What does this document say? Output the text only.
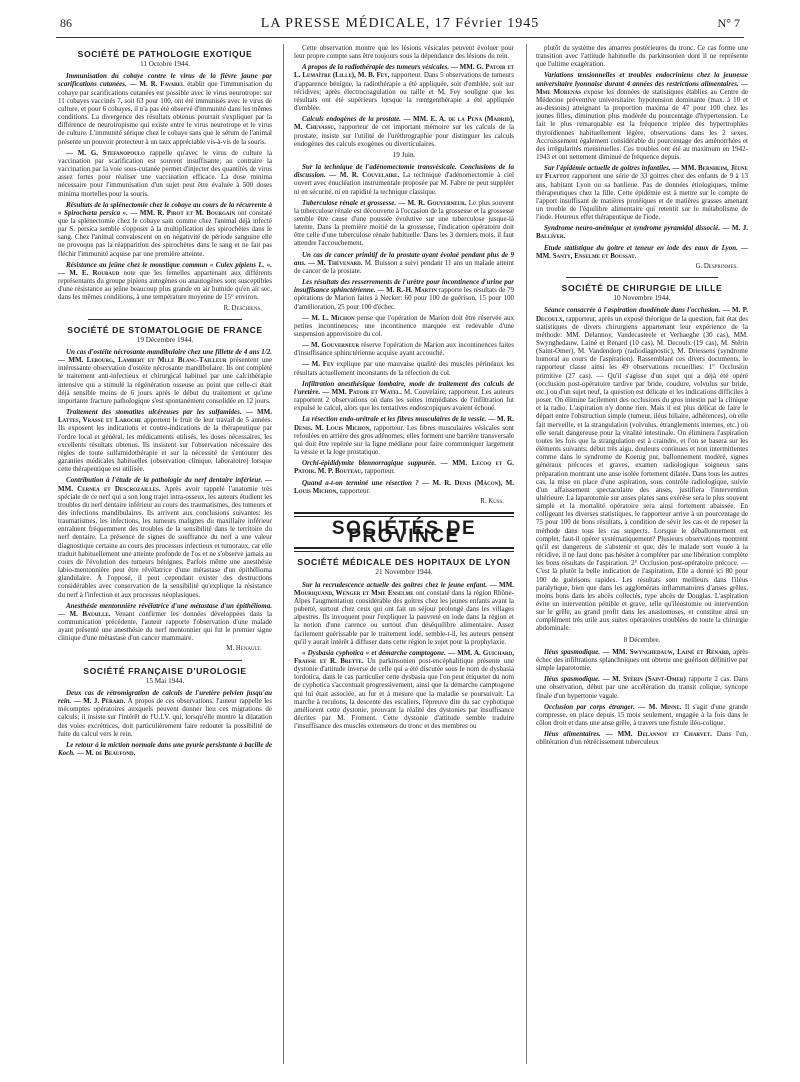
86	LA PRESSE MÉDICALE, 17 Février 1945	N° 7
SOCIÉTÉ DE PATHOLOGIE EXOTIQUE
11 Octobre 1944.

Immunisation du cobaye contre le virus de la fièvre jaune par scarifications cutanées. — M. R. Favarel établit que l'immunisation du cobaye par scarifications cutanées est possible avec le virus neurotrope: sur 11 cobayes vaccinés 7, soit 63 pour 100, ont été immunisés avec le virus de culture, et pour 6 cobayes, il n'a pas été observé d'immunité dans les mêmes conditions. La divergence des résultats obtenus pourrait s'expliquer par la différence de neurotropisme qui existe entre le virus neurotrope et le virus de culture. L'immunité sérique chez le cobaye sans que le sérum de l'animal présente un pouvoir protecteur à un taux appréciable vis-à-vis de la souris.

— M. G. Stefanopoulo rappelle qu'avec le virus de culture la vaccination par scarification est souvent insuffisante; au contraire la vaccination par la voie sous-cutanée permet d'injecter des quantités de virus assez fortes pour réaliser une vaccination efficace. La dose minima nécessaire pour l'immunisation d'un sujet peut être évaluée à 500 doses minima mortelles pour la souris.

Résultats de la splénectomie chez le cobaye au cours de la récurrente à « Spirochæta persica ». — MM. R. Pirot et M. Bourgain ont constaté que la splénectomie chez le cobaye sain comme chez l'animal déjà infecté par S. persica semble s'opposer à la multiplication des spirochètes dans le sang. Chez l'animal convalescent on en négativité de période sanguine elle ne provoque pas la réapparition des spirochètes dans le sang et ne fait pas fléchir l'immunité acquise par une première atteinte.

Résistance au jeûne chez le moustique commun « Culex pipiens L. ». — M. E. Roubaud note que les femelles appartenant aux différents représentants du groupe pipiens autogènes ou anautogènes sont susceptibles d'une résistance au jeûne beaucoup plus grande en air humide qu'en air sec, dans les mêmes conditions, à une température moyenne de 15° environ.

R. Deschiens.
SOCIÉTÉ DE STOMATOLOGIE DE FRANCE
19 Décembre 1944.

Un cas d'ostéite nécrosante mandibulaire chez une fillette de 4 ans 1/2. — MM. Lebourg, Lambert et Mlle Blanc-Tailleur présentent une intéressante observation d'ostéite nécrosante mandibulaire. Ils ont complété le traitement anti-infectieux et chirurgical habituel par une calcithérapie intensive qui a stimulé la régénération osseuse au point que celle-ci était déjà sensible moins de 6 jours après le début du traitement et qu'une importante fracture pathologique s'est spontanément consolidée en 12 jours.

Traitement des stomatites ulcéreuses par les sulfamides. — MM. Lattes, Vrasse et Laroche apportent le fruit de leur travail de 5 années. Ils exposent les indications et contre-indications de la thérapeutique par l'ordre local et général, les médicaments utilisés, les doses nécessaires, les excellents résultats obtenus. Ils insistent sur l'observation nécessaire des règles de toute sulfamidothérapie et sur la nécessité de s'entourer des garanties médicales habituelles (observation clinique, laboratoire) lorsque cette thérapeutique est utilisée.

Contribution à l'étude de la pathologie du nerf dentaire inférieur. — MM. Cernea et Descrozailles. Après avoir rappelé l'anatomie très spéciale de ce nerf qui a son long trajet intra-osseux, les auteurs étudient les troubles du nerf dentaire inférieur au cours des traumatismes, des tumeurs et des infections mandibulaires. Ils arrivent aux conclusions suivantes: les traumatismes, les infections, les tumeurs malignes du maxillaire inférieur entraînent fréquemment des troubles de la sensibilité dans le territoire du nerf dentaire. La présence de signes de souffrance du nerf a une valeur diagnostique certaine au cours des processus infectieux et tumoraux, car elle traduit habituellement une atteinte profonde de l'os et ne s'observe jamais au cours de l'évolution des tumeurs bénignes. Parfois même une anesthésie labio-mentonnière peut être révélatrice d'une métastase d'un épithélioma glandulaire. À l'opposé, il peut cependant exister des destructions considérables avec conservation de la sensibilité qu'explique la résistance du nerf à l'infection et aux processus néoplasiques.

Anesthésie mentonnière révélatrice d'une métastase d'un épithélioma. — M. Bataille. Venant confirmer les données développées dans la communication précédente, l'auteur rapporte l'observation d'une malade ayant présenté une anesthésie du nerf mentonnier qui fut le premier signe clinique d'une métastase d'un cancer mammaire.

M. Henault.
SOCIÉTÉ FRANÇAISE D'UROLOGIE
15 Mai 1944.

Deux cas de rétromigration de calculs de l'uretère pelvien jusqu'au rein. — M. J. Pérard. À propos de ces observations, l'auteur rappelle les mécomptes opératoires auxquels peuvent donner lieu ces migrations de calculs; il insiste sur l'intérêt de l'U.I.V. qui, lorsqu'elle montre la dilatation des voies excrétrices, doit particulièrement faire redouter la possibilité de fuite du calcul vers le rein.

Le retour à la miction normale dans une pyurie persistante à bacille de Koch. — M. de Beaufond.

Cette observation montre que les lésions vésicales peuvent évoluer pour leur propre compte sans être toujours sous la dépendance des lésions du rein.

A propos de la radiothérapie des tumeurs vésicales. — MM. G. Patoir et L. Lemaître (Lille), M. B. Fey, rapporteur. Dans 5 observations de tumeurs d'apparence bénigne, la radiothérapie a été appliquée, soit d'emblée, soit sur récidives; après électrocoagulation ou taille et M. Fey souligne que les résultats ont été supérieurs lorsque la rœntgenthérapie a été appliquée d'emblée.

Calculs endogènes de la prostate. — MM. E. A. de la Pena (Madrid), M. Chevassu, rapporteur de cet important mémoire sur les calculs de la prostate, insiste sur l'utilité de l'uréthrographie pour distinguer les calculs endogènes des calculs exogènes ou diverticulaires.

19 Juin.

Sur la technique de l'adénomectomie transvésicale. Conclusions de la discussion. — M. R. Couvelaire. La technique d'adénomectomie à ciel ouvert avec énucléation instrumentale proposée par M. Fabre ne peut suppléer ni en sécurité, ni en rapidité la technique classique.

Tuberculose rénale et grossesse. — M. R. Gouverneur. Le plus souvent la tuberculose rénale est découverte à l'occasion de la grossesse et la grossesse semble être cause d'une poussée évolutive sur une tuberculose jusque-là latente. Dans la première moitié de la grossesse, l'indication opératoire doit être celle d'une tuberculose rénale habituelle. Dans les 3 derniers mois, il faut attendre l'accouchement.

Un cas de cancer primitif de la prostate ayant évolué pendant plus de 9 ans. — M. Thévenard. M. Buisson a suivi pendant 11 ans un malade atteint de cancer de la prostate.

Les résultats des resserrements de l'urètre pour incontinence d'urine par insuffisance sphinctérienne. — M. R.-H. Martin rapporte les résultats de 79 opérations de Marion faites à Necker: 60 pour 100 de guérison, 15 pour 100 d'amélioration, 25 pour 100 d'échec.

— M. L. Michon pense que l'opération de Marion doit être réservée aux petites incontinences; une incontinence marquée est redevable d'une suspension approvisoire du col.

— M. Gouverneur réserve l'opération de Marion aux incontinences faites d'insuffisance sphinctérienne acquise ayant accouché.

— M. Fey explique par une mauvaise qualité des muscles périnéaux les résultats actuellement inconstants de la réfection du col.

Infiltration anesthésique lombaire, mode de traitement des calculs de l'uretère. — MM. Patoir et Watel. M. Couvelaire, rapporteur. Les auteurs rapportent 2 observations où dans les suites immédiates de l'infiltration fut expulsé le calcul, alors que les tentatives endoscopiques avaient échoué.

La résection endo-urétrale et les fibres musculaires de la vessie. — M. R. Denis. M. Louis Michon, rapporteur. Les fibres musculaires vésicales sont refoulées en arrière des gros adénomes; elles forment une barrière transversale qui doit être repérée sur la ligne médiane pour faire communiquer largement la vessie et la loge prostatique.

Orchi-épididymite blennorragique suppurée. — MM. Lecoq et G. Patoir. M. P. Bouteau, rapporteur.

Quand a-t-on terminé une résection ? — M. R. Denis (Mâcon), M. Louis Michon, rapporteur.

R. Küss.
SOCIÉTÉS DE PROVINCE
SOCIÉTÉ MÉDICALE DES HOPITAUX DE LYON
21 Novembre 1944.

Sur la recrudescence actuelle des goitres chez le jeune enfant. — MM. Mouriquand, Wenger et Mme Enselme ont constaté dans la région Rhône-Alpes l'augmentation considérable des goitres chez les jeunes enfants avant la puberté, surtout chez ceux qui ont fait un séjour prolongé dans les villages alpestres. Ils invoquent pour l'expliquer la pauvreté en iode dans la région et la notion d'une carence ou surtout d'un déséquilibre alimentaire. Assez facilement guérissable par le traitement iodé, semble-t-il, les auteurs pensent qu'il y aurait intérêt à diffuser dans cette région le sujet pour la prophylaxie.

« Dysbasia cyphotica » et démarche camptogone. — MM. A. Guichard, Fraisse et R. Brette. Un parkinsonien post-encéphalitique présente une dystonie d'attitude inverse de celle qui a été discutée sous le nom de dysbasia lordotica, dans le cas particulier cette dysbasia que l'on peut étiqueter du nom de cyphotica s'accentuait progressivement, ainsi que la démarche camptogone qui lui était associée, au fur et à mesure que la maladie se poursuivait. La marche à reculons, la descente des escaliers, l'épreuve dite du sac cyphotique améliorent cette dystonie, prouvant la réalité des dystonies par insuffisance décrites par M. Froment. Cette dystonie d'attitude semble traduire l'insuffisance des muscles extenseurs du tronc et des membres ou

plutôt du système des amarres postérieures du tronc. Ce cas forme une transition avec l'attitude habituelle du parkinsonien dont il ne représente que l'ultime exagération.

Variations tensionnelles et troubles endocriniens chez la jeunesse universitaire lyonnaise durant 4 années des restrictions alimentaires. — Mme Morenas expose les données de statistiques établies au Centre de Médecine préventive universitaire: hypotension dominante (max. à 10 et au-dessous) atteignant la proportion maxima de 47 pour 100 chez les jeunes filles, diminution plus modérée du pourcentage d'hypertension. Le fait le plus remarquable est la fréquence triplée des hypertrophies thyroïdiennes habituellement légère, observations dans les 2 sexes. Accroissement également considérable du pourcentage des aménorrhées et des irrégularités menstruelles. Ces troubles ont été au maximum en 1942-1943 et ont nettement diminué de fréquence depuis.

Sur l'épidémie actuelle de goitres infantiles. — MM. Bernheim, Jeune et Flattot rapportent une série de 33 goitres chez des enfants de 9 à 13 ans, habitant Lyon ou sa banlieue. Pas de données étiologiques, même thérapeutiques chez la fille. Cette épidémie est à mettre sur le compte de l'apport insuffisant de matières protéiques et de matières grasses amenant un trouble de l'équilibre alimentaire qui retentit sur le métabolisme de l'iode. Heureux effet thérapeutique de l'iode.

Syndrome neuro-anémique et syndrome pyramidal dissocié. — M. J. Balliver.

Etude statistique du goitre et teneur en iode des eaux de Lyon. — MM. Santy, Enselme et Boussat.

G. Desprinmes.
SOCIÉTÉ DE CHIRURGIE DE LILLE
10 Novembre 1944.

Séance consacrée à l'aspiration duodénale dans l'occlusion. — M. P. Decoulx, rapporteur, après un exposé théorique de la question, fait état des statistiques de divers chirurgiens appartenant leur expérience de la méthode: MM. Delannoy, Vandecasteele et Verhaeghe (30 cas), MM. Swynghedauw, Lainé et Renard (10 cas), M. Decoulx (19 cas), M. Stérin (Saint-Omer), M. Vandendorp (radiodiagnostic), M. Driessens (syndrome humoral au cours de l'aspiration). Rassemblant ces divers documents, le rapporteur classe ainsi les 49 observations recueillies: 1° Occlusion primitive (27 cas). — Qu'il s'agisse d'un sujet qui a déjà été opéré (occlusion post-opératoire tardive par bride, coudure, volvulus sur bride, etc.) ou d'un sujet neuf, la question est délicate et les indications difficiles à poser. On élimine facilement des occlusions du gros intestin par la clinique et la radio. L'aspiration n'y donne rien. Mais il est plus délicat de faire le départ entre l'obstruction simple (tumeur, iléus biliaire, adhérences), où elle fait merveille, et la strangulation (volvulus, étranglements internes, etc.) où elle serait dangereuse pour la vitalité intestinale. On éliminera l'aspiration toutes les fois que la strangulation est à craindre, et l'on se basera sur les éléments suivants: début très aigu, douleurs continues et non intermittentes comme dans le syndrome de Koenig pur, ballonnement modéré, signes généraux précoces et graves, examen radiologique soigneux sans préparation montrant une anse isolée fortement dilatée. Dans tous les autres cas, la mise en place d'une aspiration, sous contrôle radiologique, suivie d'un affaissement spectaculaire des anses, justifiera l'intervention ultérieure. La laparotomie sur anses plates sans exérèse sera le plus souvent simple et la mortalité opératoire sera ainsi fortement abaissée. En colligeant les diverses statistiques, le rapporteur arrive à un pourcentage de 75 pour 100 de bons résultats, à condition de sévir les cas et de reposer la méthode dans tous les cas suspects. Lorsque le déballonnement est complet, faut-il opérer systématiquement? Plusieurs observations montrent qu'il est dangereux de s'abstenir et que, dès le malade sort vouée à la récidive, il ne faut donc pas hésiter à compléter par une libération complète les bons résultats de l'aspiration. 2° Occlusion post-opératoire précoce. — C'est là plutôt la belle indication de l'aspiration. Elle a donné ici 80 pour 100 de guérisons rapides. Les résultats sont meilleurs dans l'iléus paralytique, bien que dans les agglomérats inflammatoires d'anses grêles, moins bons dans les abcès collectés, type abcès de Douglas. L'aspiration évite un intervention pénible et grave, telle qu'iléostomie ou intervention sur le grêle, au grand profit dans les anastomoses, et constitue ainsi un complément très utile aux suites opératoires troublées de toute la chirurgie abdominale.

8 Décembre.

Iléus spasmodique. — MM. Swynghedauw, Lainé et Renard, après échec des infiltrations splanchniques ont obtenu une guérison définitive par simple laparotomie.

Iléus spasmodique. — M. Stérin (Saint-Omer) rapporte 2 cas. Dans une observation, début par une accélération du transit colique, syncope finale d'un hypertonie vagale.

Occlusion par corps étranger. — M. Minne. Il s'agit d'une grande compresse, en place depuis 15 mois seulement, engagée à la fois dans le côlon droit et dans une anse grêle, à travers une fistule iléo-colique.

Iléus alimentaires. — MM. Delannoy et Charvet. Dans l'un, oblitération d'un rétrécissement tuberculeux
